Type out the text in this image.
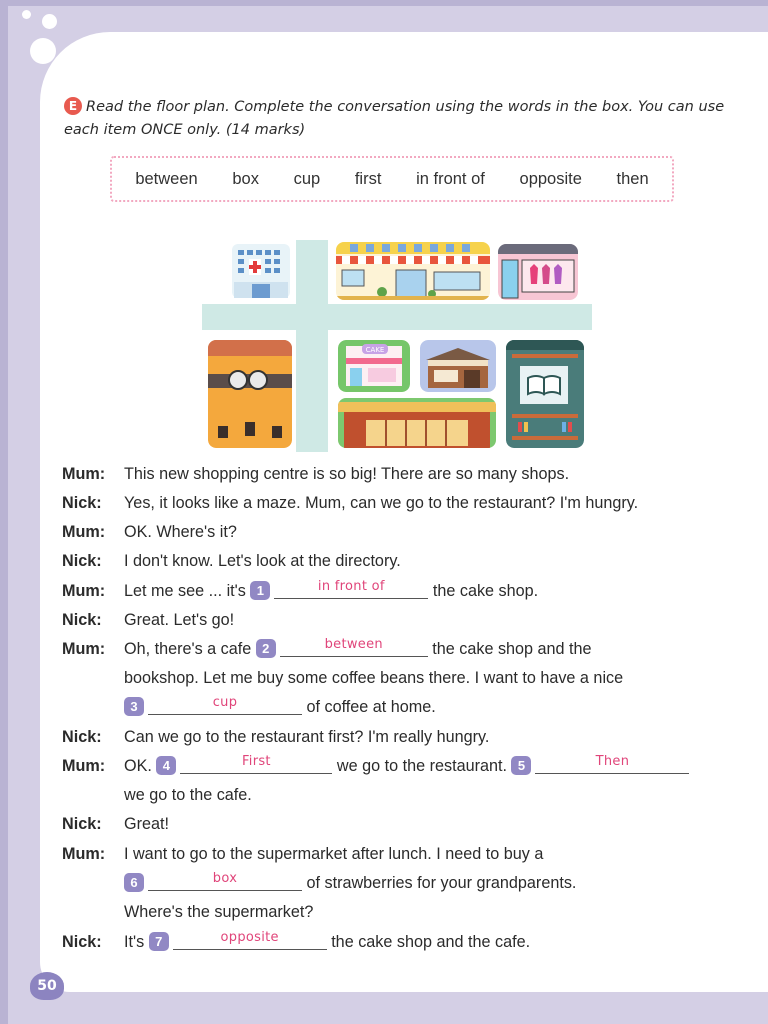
E Read the floor plan. Complete the conversation using the words in the box. You can use each item ONCE only. (14 marks)
between box cup first in front of opposite then
CAKE
Mum:	This new shopping centre is so big! There are so many shops.
Nick:	Yes, it looks like a maze. Mum, can we go to the restaurant? I'm hungry.
Mum:	OK. Where's it?
Nick:	I don't know. Let's look at the directory.
Mum:	Let me see ... it's 1	in front of	the cake shop.
Nick:	Great. Let's go!
Mum:	Oh, there's a cafe 2	between	the cake shop and the
bookshop. Let me buy some coffee beans there. I want to have a nice
3	cup	of coffee at home.
Nick:	Can we go to the restaurant first? I'm really hungry.
Mum:	OK. 4	First	we go to the restaurant. 5	Then
we go to the cafe.
Nick:	Great!
Mum:	I want to go to the supermarket after lunch. I need to buy a
6	box	of strawberries for your grandparents.
Where's the supermarket?
Nick:	It's 7	opposite	the cake shop and the cafe.
50
